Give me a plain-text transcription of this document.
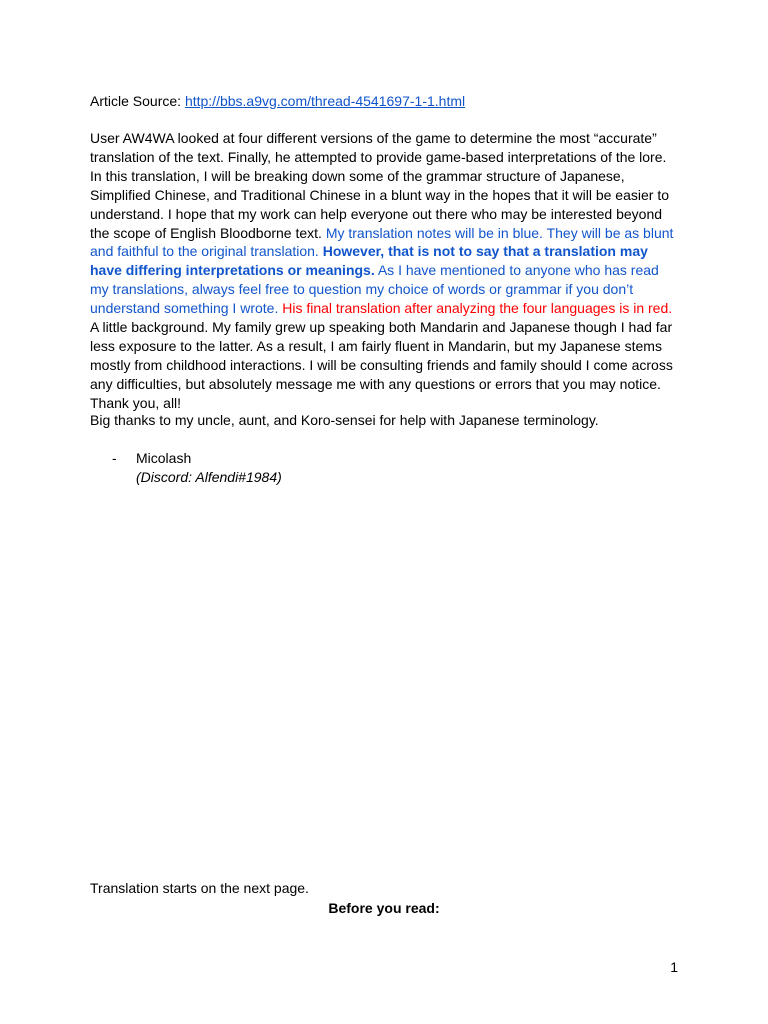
Article Source: http://bbs.a9vg.com/thread-4541697-1-1.html
User AW4WA looked at four different versions of the game to determine the most “accurate” translation of the text. Finally, he attempted to provide game-based interpretations of the lore. In this translation, I will be breaking down some of the grammar structure of Japanese, Simplified Chinese, and Traditional Chinese in a blunt way in the hopes that it will be easier to understand. I hope that my work can help everyone out there who may be interested beyond the scope of English Bloodborne text. My translation notes will be in blue. They will be as blunt and faithful to the original translation. However, that is not to say that a translation may have differing interpretations or meanings. As I have mentioned to anyone who has read my translations, always feel free to question my choice of words or grammar if you don’t understand something I wrote. His final translation after analyzing the four languages is in red. A little background. My family grew up speaking both Mandarin and Japanese though I had far less exposure to the latter. As a result, I am fairly fluent in Mandarin, but my Japanese stems mostly from childhood interactions. I will be consulting friends and family should I come across any difficulties, but absolutely message me with any questions or errors that you may notice. Thank you, all!
Big thanks to my uncle, aunt, and Koro-sensei for help with Japanese terminology.
- Micolash
(Discord: Alfendi#1984)
Translation starts on the next page.
Before you read:
1
